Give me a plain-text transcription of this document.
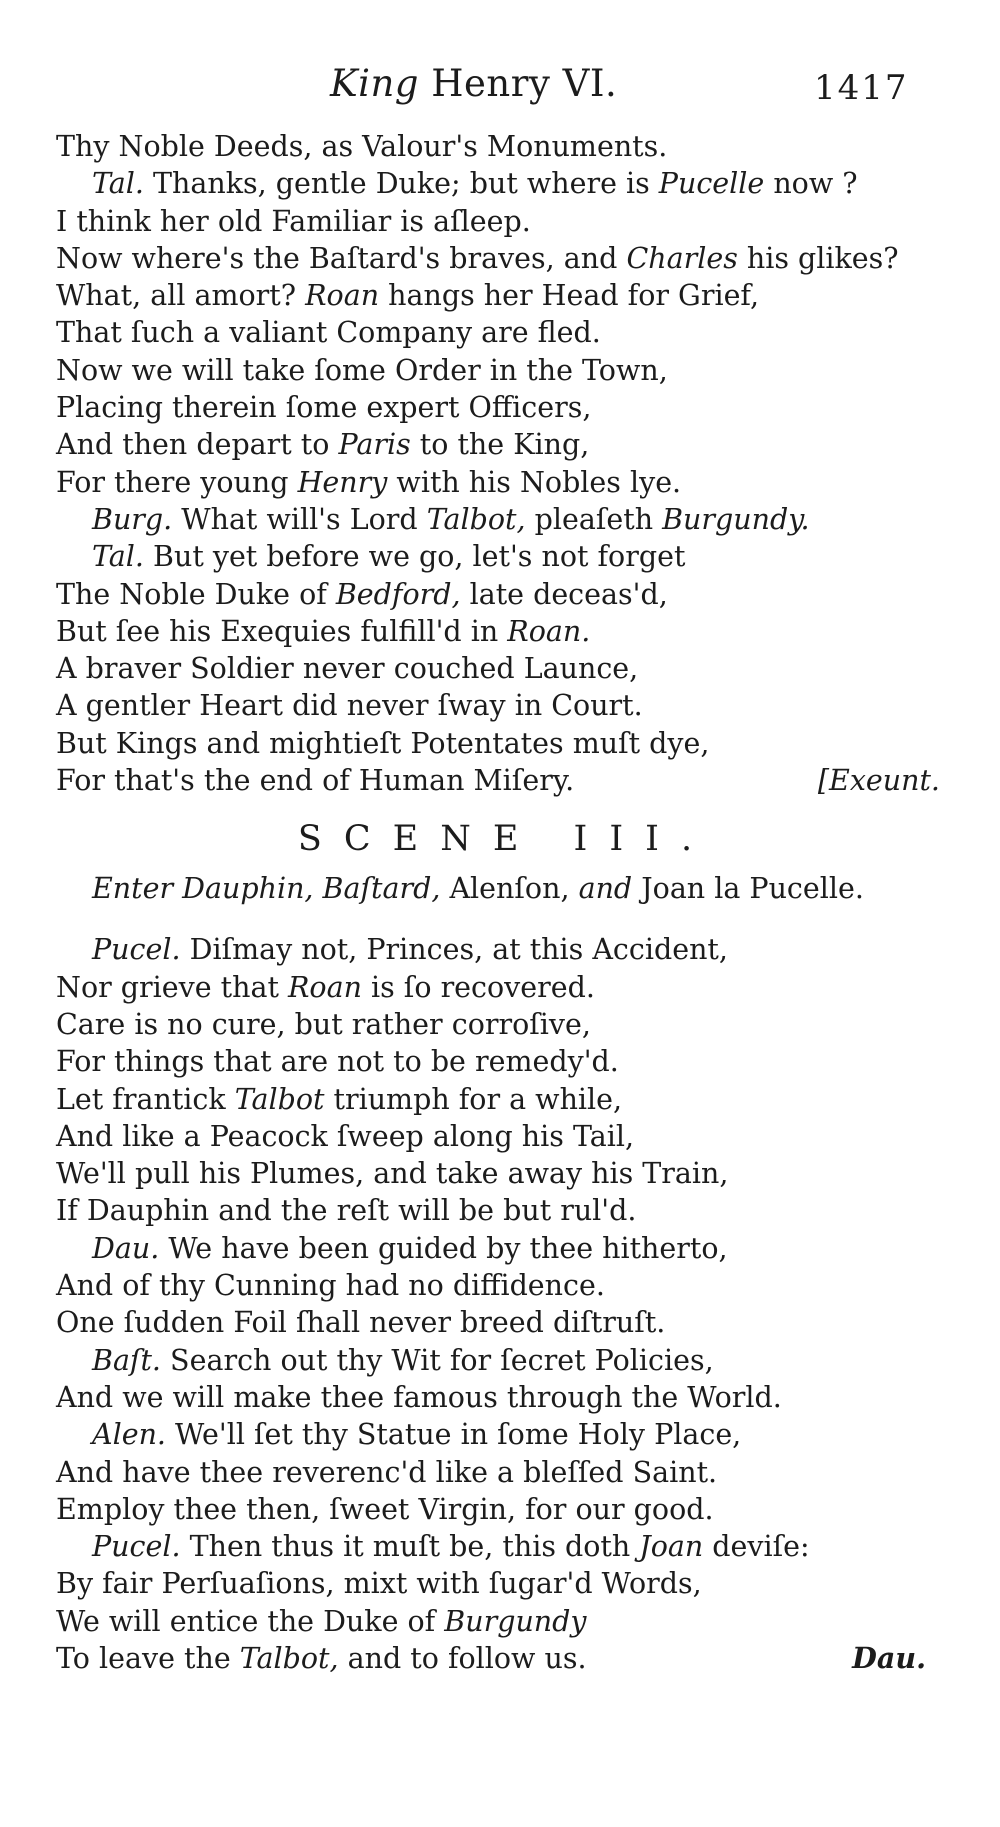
King Henry VI.	1417
Thy Noble Deeds, as Valour's Monuments.
Tal. Thanks, gentle Duke; but where is Pucelle now ?
I think her old Familiar is aſleep.
Now where's the Baſtard's braves, and Charles his glikes?
What, all amort? Roan hangs her Head for Grief,
That ſuch a valiant Company are fled.
Now we will take ſome Order in the Town,
Placing therein ſome expert Officers,
And then depart to Paris to the King,
For there young Henry with his Nobles lye.
Burg. What will's Lord Talbot, pleaſeth Burgundy.
Tal. But yet before we go, let's not forget
The Noble Duke of Bedford, late deceas'd,
But ſee his Exequies fulfill'd in Roan.
A braver Soldier never couched Launce,
A gentler Heart did never ſway in Court.
But Kings and mightieſt Potentates muſt dye,
For that's the end of Human Miſery.	[Exeunt.
SCENE III.
Enter Dauphin, Baſtard, Alenſon, and Joan la Pucelle.
Pucel. Diſmay not, Princes, at this Accident,
Nor grieve that Roan is ſo recovered.
Care is no cure, but rather corroſive,
For things that are not to be remedy'd.
Let frantick Talbot triumph for a while,
And like a Peacock ſweep along his Tail,
We'll pull his Plumes, and take away his Train,
If Dauphin and the reſt will be but rul'd.
Dau. We have been guided by thee hitherto,
And of thy Cunning had no diffidence.
One ſudden Foil ſhall never breed diſtruſt.
Baſt. Search out thy Wit for ſecret Policies,
And we will make thee famous through the World.
Alen. We'll ſet thy Statue in ſome Holy Place,
And have thee reverenc'd like a bleſſed Saint.
Employ thee then, ſweet Virgin, for our good.
Pucel. Then thus it muſt be, this doth Joan deviſe:
By fair Perſuaſions, mixt with ſugar'd Words,
We will entice the Duke of Burgundy
To leave the Talbot, and to follow us.	Dau.
